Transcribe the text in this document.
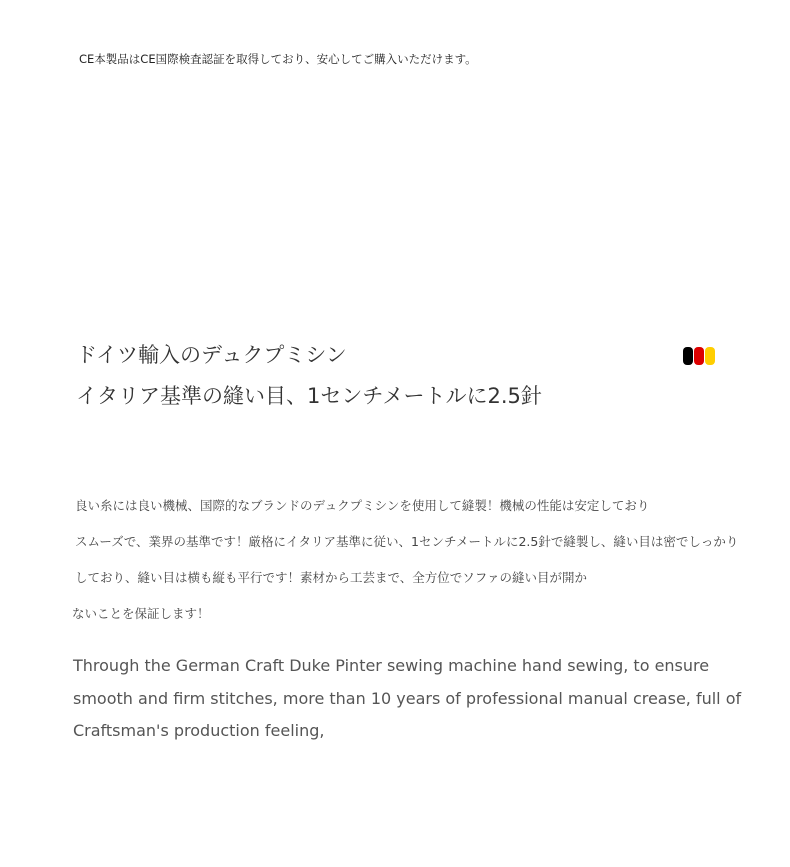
CE本製品はCE国際検査認証を取得しており、安心してご購入いただけます。
ドイツ輸入のデュクプミシン
イタリア基準の縫い目、1センチメートルに2.5針
良い糸には良い機械、国際的なブランドのデュクプミシンを使用して縫製！機械の性能は安定しており
スムーズで、業界の基準です！厳格にイタリア基準に従い、1センチメートルに2.5針で縫製し、縫い目は密でしっかり
しており、縫い目は横も縦も平行です！素材から工芸まで、全方位でソファの縫い目が開か
ないことを保証します！
Through the German Craft Duke Pinter sewing machine hand sewing, to ensure smooth and firm stitches, more than 10 years of professional manual crease, full of Craftsman's production feeling,
